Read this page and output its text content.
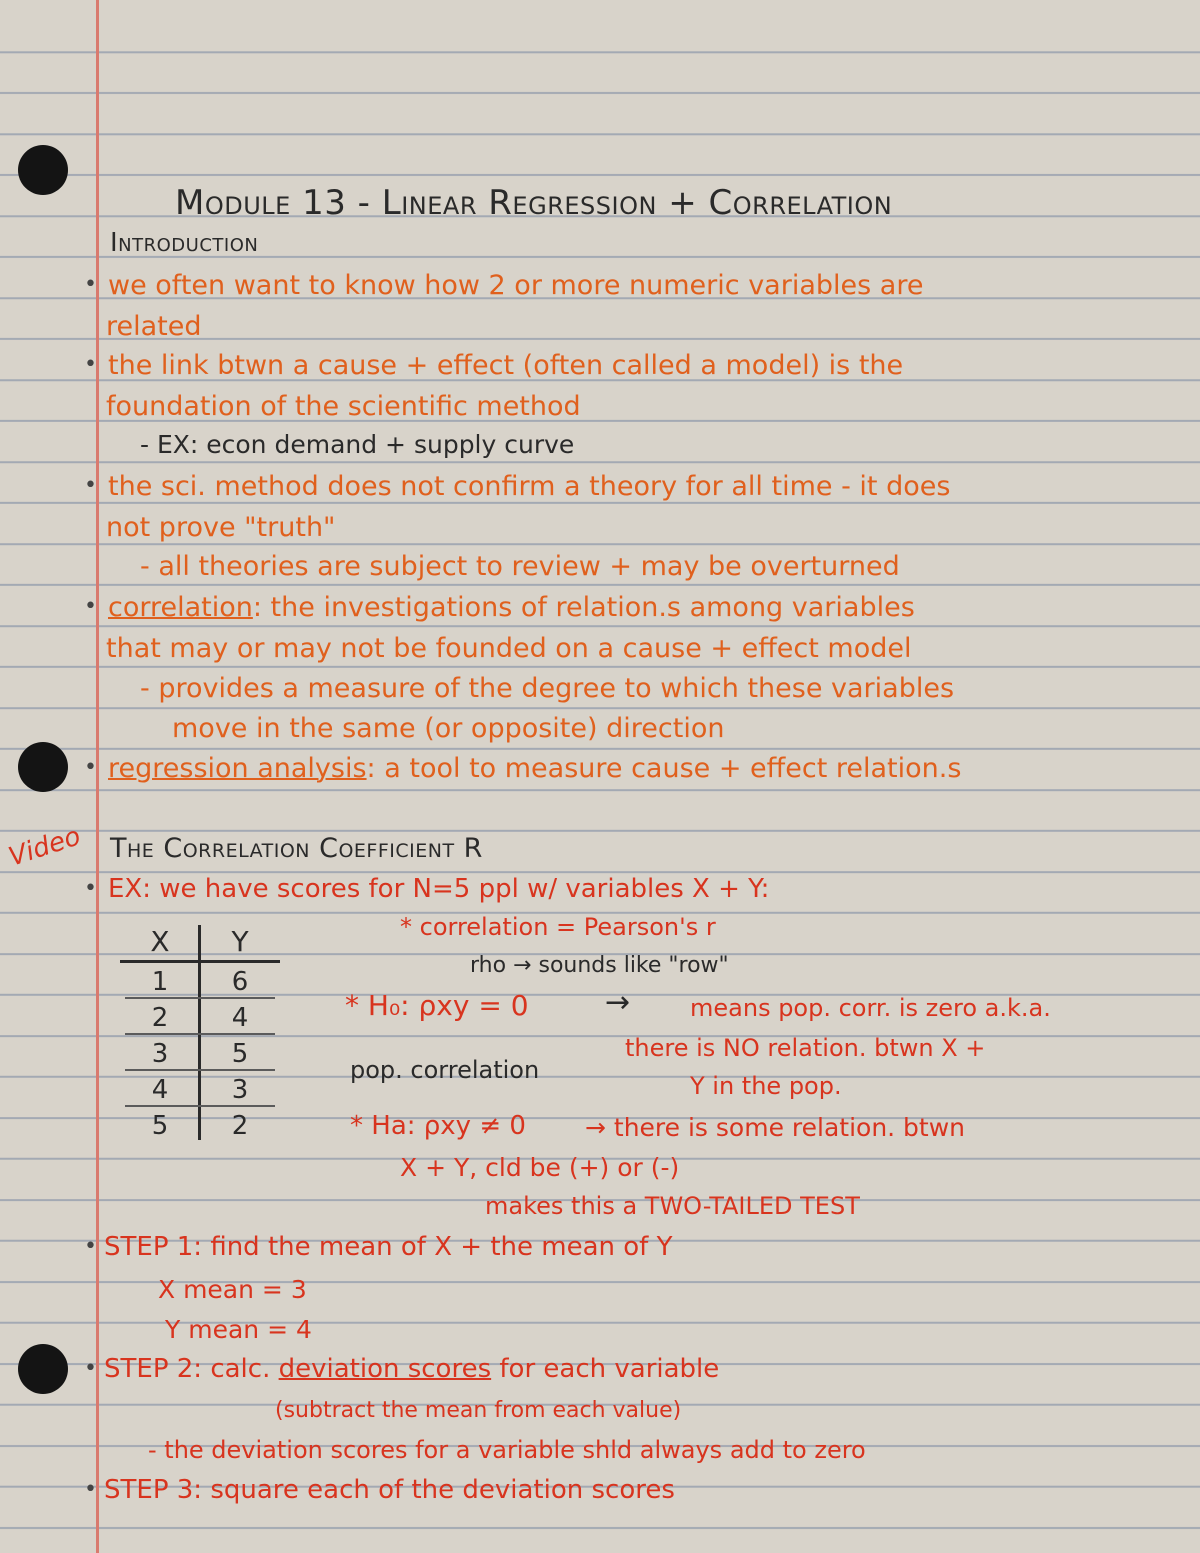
Module 13 - Linear Regression + Correlation
Introduction
• we often want to know how 2 or more numeric variables are
related
• the link btwn a cause + effect (often called a model) is the
foundation of the scientific method
- EX: econ demand + supply curve
• the sci. method does not confirm a theory for all time - it does
not prove "truth"
- all theories are subject to review + may be overturned
• correlation: the investigations of relation.s among variables
that may or may not be founded on a cause + effect model
- provides a measure of the degree to which these variables
move in the same (or opposite) direction
• regression analysis: a tool to measure cause + effect relation.s
Video The Correlation Coefficient R
• EX: we have scores for N=5 ppl w/ variables X + Y:
* correlation = Pearson's r
rho → sounds like "row"
X	Y
1	6
2	4
3	5
4	3
5	2
* H₀: ρxy = 0	→ means pop. corr. is zero a.k.a.
there is NO relation. btwn X +
pop. correlation
Y in the pop.
* Ha: ρxy ≠ 0 → there is some relation. btwn
X + Y, cld be (+) or (-)
makes this a TWO-TAILED TEST
• STEP 1: find the mean of X + the mean of Y
X mean = 3
Y mean = 4
• STEP 2: calc. deviation scores for each variable
(subtract the mean from each value)
- the deviation scores for a variable shld always add to zero
• STEP 3: square each of the deviation scores
